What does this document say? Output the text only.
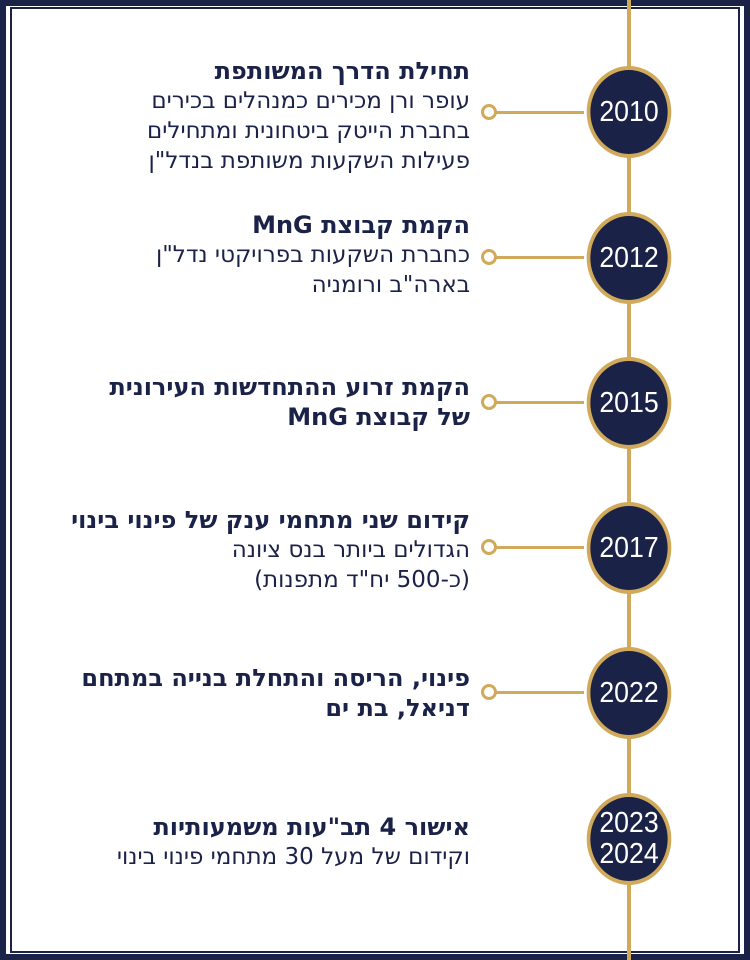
2010
תחילת הדרך המשותפת
עופר ורן מכירים כמנהלים בכירים
בחברת הייטק ביטחונית ומתחילים
פעילות השקעות משותפת בנדל"ן
2012
הקמת קבוצת MnG
כחברת השקעות בפרויקטי נדל"ן
בארה"ב ורומניה
2015
הקמת זרוע ההתחדשות העירונית
של קבוצת MnG
2017
קידום שני מתחמי ענק של פינוי בינוי
הגדולים ביותר בנס ציונה
(כ-500 יח"ד מתפנות)
2022
פינוי, הריסה והתחלת בנייה במתחם
דניאל, בת ים
2023
2024
אישור 4 תב"עות משמעותיות
וקידום של מעל 30 מתחמי פינוי בינוי
